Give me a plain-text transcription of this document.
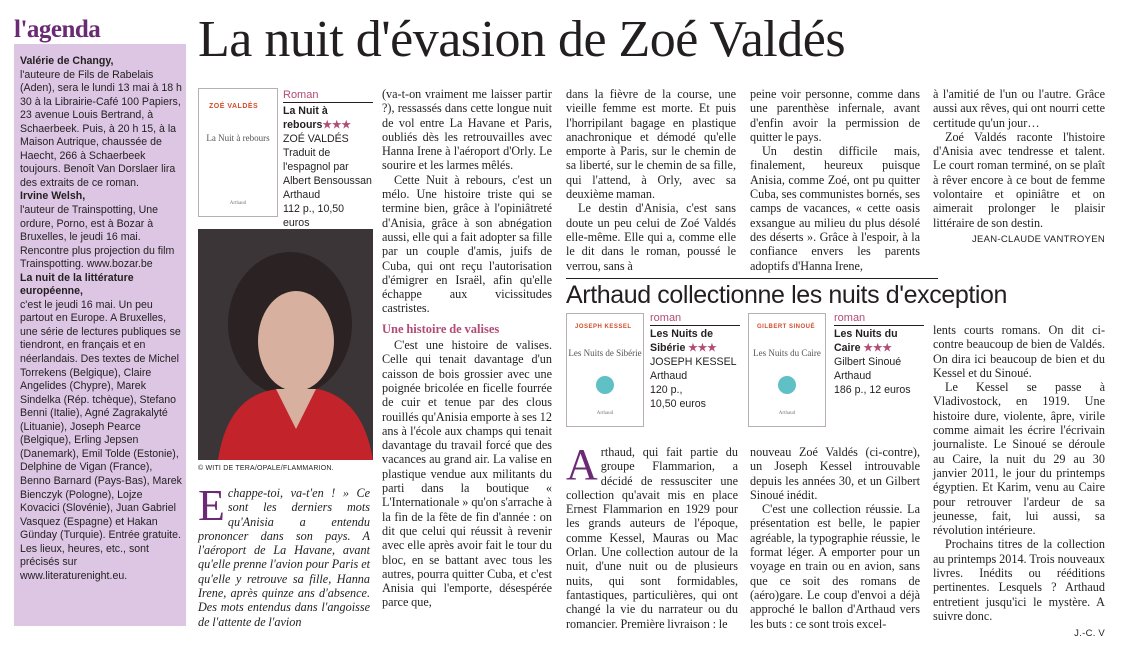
l'agenda

Valérie de Changy,
l'auteure de Fils de Rabelais (Aden), sera le lundi 13 mai à 18 h 30 à la Librairie-Café 100 Papiers, 23 avenue Louis Bertrand, à Schaerbeek. Puis, à 20 h 15, à la Maison Autrique, chaussée de Haecht, 266 à Schaerbeek toujours. Benoît Van Dorslaer lira des extraits de ce roman.

Irvine Welsh,
l'auteur de Trainspotting, Une ordure, Porno, est à Bozar à Bruxelles, le jeudi 16 mai. Rencontre plus projection du film Trainspotting. www.bozar.be

La nuit de la littérature européenne,
c'est le jeudi 16 mai. Un peu partout en Europe. A Bruxelles, une série de lectures publiques se tiendront, en français et en néerlandais. Des textes de Michel Torrekens (Belgique), Claire Angelides (Chypre), Marek Sindelka (Rép. tchèque), Stefano Benni (Italie), Agné Zagrakalyté (Lituanie), Joseph Pearce (Belgique), Erling Jepsen (Danemark), Emil Tolde (Estonie), Delphine de Vigan (France), Benno Barnard (Pays-Bas), Marek Bienczyk (Pologne), Lojze Kovacici (Slovénie), Juan Gabriel Vasquez (Espagne) et Hakan Günday (Turquie). Entrée gratuite. Les lieux, heures, etc., sont précisés sur www.literaturenight.eu.

La nuit d'évasion de Zoé Valdés
ZOÉ VALDÉS
La Nuit à rebours
Arthaud
Roman
La Nuit à rebours★★★
ZOÉ VALDÉS
Traduit de l'espagnol par Albert Bensoussan
Arthaud
112 p., 10,50 euros
© WITI DE TERA/OPALE/FLAMMARION.

Echappe-toi, va-t'en ! » Ce sont les derniers mots qu'Anisia a entendu prononcer dans son pays. A l'aéroport de La Havane, avant qu'elle prenne l'avion pour Paris et qu'elle y retrouve sa fille, Hanna Irene, après quinze ans d'absence. Des mots entendus dans l'angoisse de l'attente de l'avion

(va-t-on vraiment me laisser partir ?), ressassés dans cette longue nuit de vol entre La Havane et Paris, oubliés dès les retrouvailles avec Hanna Irene à l'aéroport d'Orly. Le sourire et les larmes mêlés.

Cette Nuit à rebours, c'est un mélo. Une histoire triste qui se termine bien, grâce à l'opiniâtreté d'Anisia, grâce à son abnégation aussi, elle qui a fait adopter sa fille par un couple d'amis, juifs de Cuba, qui ont reçu l'autorisation d'émigrer en Israël, afin qu'elle échappe aux vicissitudes castristes.

Une histoire de valises

C'est une histoire de valises. Celle qui tenait davantage d'un caisson de bois grossier avec une poignée bricolée en ficelle fourrée de cuir et tenue par des clous rouillés qu'Anisia emporte à ses 12 ans à l'école aux champs qui tenait davantage du travail forcé que des vacances au grand air. La valise en plastique vendue aux militants du parti dans la boutique « L'Internationale » qu'on s'arrache à la fin de la fête de fin d'année : on dit que celui qui réussit à revenir avec elle après avoir fait le tour du bloc, en se battant avec tous les autres, pourra quitter Cuba, et c'est Anisia qui l'emporte, désespérée parce que,

dans la fièvre de la course, une vieille femme est morte. Et puis l'horripilant bagage en plastique anachronique et démodé qu'elle emporte à Paris, sur le chemin de sa liberté, sur le chemin de sa fille, qui l'attend, à Orly, avec sa deuxième maman.

Le destin d'Anisia, c'est sans doute un peu celui de Zoé Valdés elle-même. Elle qui a, comme elle le dit dans le roman, poussé le verrou, sans à

peine voir personne, comme dans une parenthèse infernale, avant d'enfin avoir la permission de quitter le pays.

Un destin difficile mais, finalement, heureux puisque Anisia, comme Zoé, ont pu quitter Cuba, ses communistes bornés, ses camps de vacances, « cette oasis exsangue au milieu du plus désolé des déserts ». Grâce à l'espoir, à la confiance envers les parents adoptifs d'Hanna Irene,

à l'amitié de l'un ou l'autre. Grâce aussi aux rêves, qui ont nourri cette certitude qu'un jour…

Zoé Valdés raconte l'histoire d'Anisia avec tendresse et talent. Le court roman terminé, on se plaît à rêver encore à ce bout de femme volontaire et opiniâtre et on aimerait prolonger le plaisir littéraire de son destin.

JEAN-CLAUDE VANTROYEN
Arthaud collectionne les nuits d'exception
JOSEPH KESSEL
Les Nuits de Sibérie
Arthaud
roman
Les Nuits de Sibérie ★★★
JOSEPH KESSEL
Arthaud
120 p.,
10,50 euros
GILBERT SINOUÉ
Les Nuits du Caire
Arthaud
roman
Les Nuits du Caire ★★★
Gilbert Sinoué
Arthaud
186 p., 12 euros

Arthaud, qui fait partie du groupe Flammarion, a décidé de ressusciter une collection qu'avait mis en place Ernest Flammarion en 1929 pour les grands auteurs de l'époque, comme Kessel, Mauras ou Mac Orlan. Une collection autour de la nuit, d'une nuit ou de plusieurs nuits, qui sont formidables, fantastiques, particulières, qui ont changé la vie du narrateur ou du romancier. Première livraison : le

nouveau Zoé Valdés (ci-contre), un Joseph Kessel introuvable depuis les années 30, et un Gilbert Sinoué inédit.

C'est une collection réussie. La présentation est belle, le papier agréable, la typographie réussie, le format léger. A emporter pour un voyage en train ou en avion, sans que ce soit des romans de (aéro)gare. Le coup d'envoi a déjà approché le ballon d'Arthaud vers les buts : ce sont trois excel-

lents courts romans. On dit ci-contre beaucoup de bien de Valdés. On dira ici beaucoup de bien et du Kessel et du Sinoué.

Le Kessel se passe à Vladivostock, en 1919. Une histoire dure, violente, âpre, virile comme aimait les écrire l'écrivain journaliste. Le Sinoué se déroule au Caire, la nuit du 29 au 30 janvier 2011, le jour du printemps égyptien. Et Karim, venu au Caire pour retrouver l'ardeur de sa jeunesse, fait, lui aussi, sa révolution intérieure.

Prochains titres de la collection au printemps 2014. Trois nouveaux livres. Inédits ou rééditions pertinentes. Lesquels ? Arthaud entretient jusqu'ici le mystère. A suivre donc.

J.-C. V
